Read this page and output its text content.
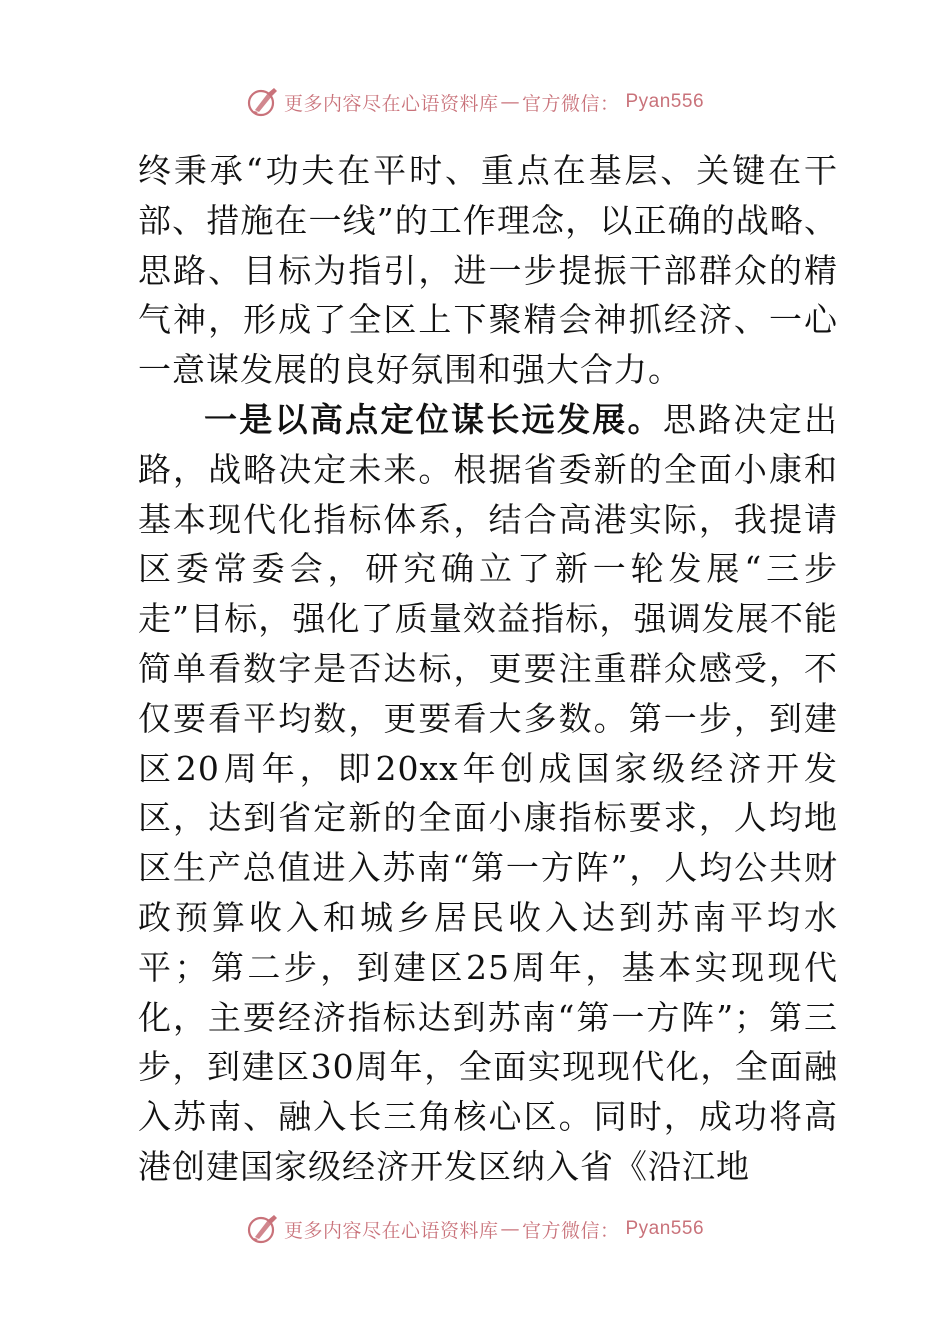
更多内容尽在心语资料库 — 官方微信： Pyan556

终秉承“功夫在平时、重点在基层、关键在干部、措施在一线”的工作理念，以正确的战略、思路、目标为指引，进一步提振干部群众的精气神，形成了全区上下聚精会神抓经济、一心一意谋发展的良好氛围和强大合力。

一是以高点定位谋长远发展。思路决定出路，战略决定未来。根据省委新的全面小康和基本现代化指标体系，结合高港实际，我提请区委常委会，研究确立了新一轮发展“三步走”目标，强化了质量效益指标，强调发展不能简单看数字是否达标，更要注重群众感受，不仅要看平均数，更要看大多数。第一步，到建区20周年，即20xx年创成国家级经济开发区，达到省定新的全面小康指标要求，人均地区生产总值进入苏南“第一方阵”，人均公共财政预算收入和城乡居民收入达到苏南平均水平；第二步，到建区25周年，基本实现现代化，主要经济指标达到苏南“第一方阵”；第三步，到建区30周年，全面实现现代化，全面融入苏南、融入长三角核心区。同时，成功将高港创建国家级经济开发区纳入省《沿江地

更多内容尽在心语资料库 — 官方微信： Pyan556
